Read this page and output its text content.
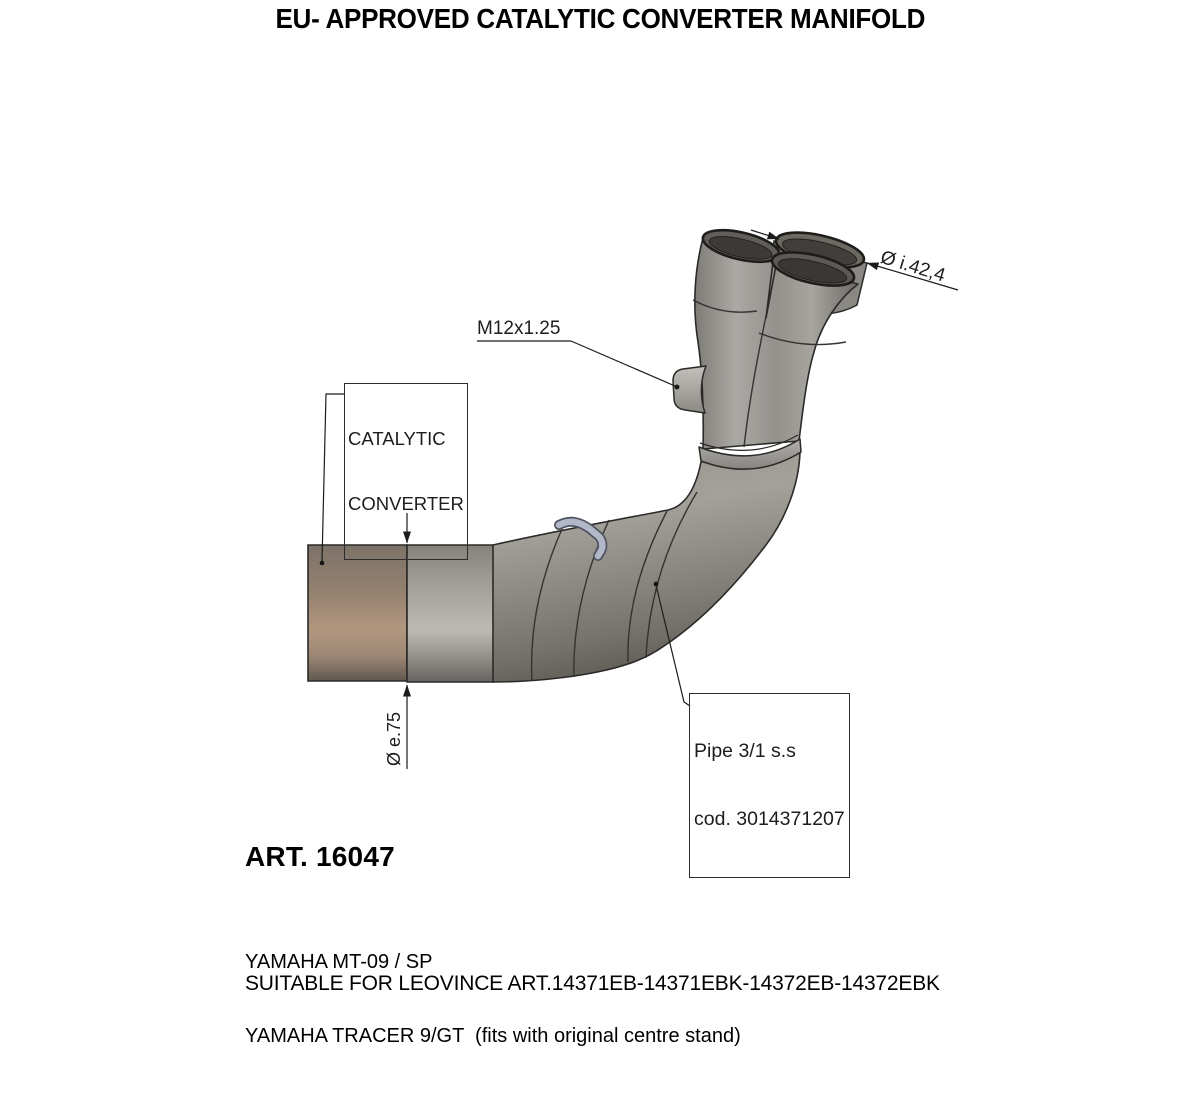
EU- APPROVED CATALYTIC CONVERTER MANIFOLD
M12x1.25

CATALYTIC

CONVERTER

Pipe 3/1 s.s

cod. 3014371207

Ø i.42,4
Ø e.75
ART. 16047

YAMAHA MT-09 / SP

YAMAHA TRACER 9/GT  (fits with original centre stand)

SUITABLE FOR LEOVINCE ART.14371EB-14371EBK-14372EB-14372EBK
